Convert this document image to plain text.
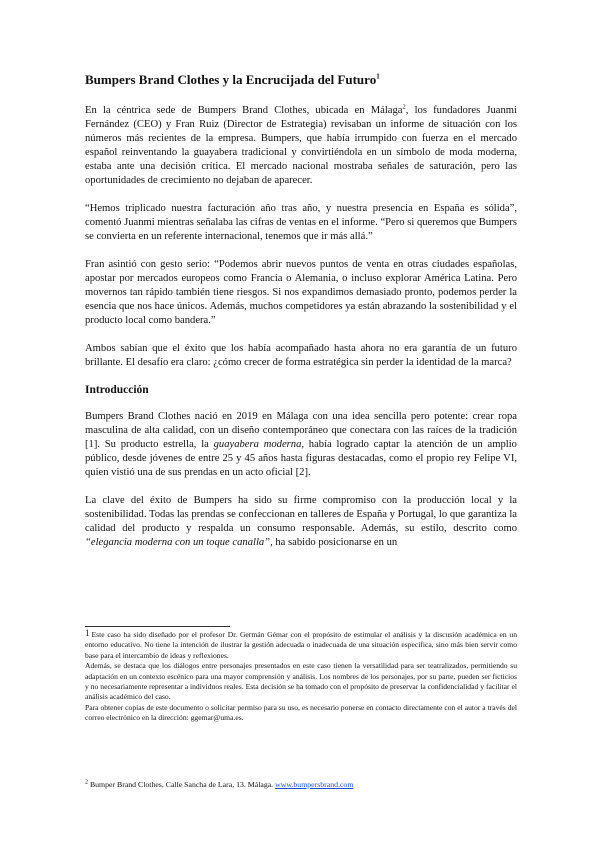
Bumpers Brand Clothes y la Encrucijada del Futuro$^1$

En la céntrica sede de Bumpers Brand Clothes, ubicada en Málaga$^2$, los fundadores Juanmi Fernández (CEO) y Fran Ruiz (Director de Estrategia) revisaban un informe de situación con los números más recientes de la empresa. Bumpers, que había irrumpido con fuerza en el mercado español reinventando la guayabera tradicional y convirtiéndola en un símbolo de moda moderna, estaba ante una decisión crítica. El mercado nacional mostraba señales de saturación, pero las oportunidades de crecimiento no dejaban de aparecer.

“Hemos triplicado nuestra facturación año tras año, y nuestra presencia en España es sólida”, comentó Juanmi mientras señalaba las cifras de ventas en el informe. “Pero si queremos que Bumpers se convierta en un referente internacional, tenemos que ir más allá.”

Fran asintió con gesto serio: “Podemos abrir nuevos puntos de venta en otras ciudades españolas, apostar por mercados europeos como Francia o Alemania, o incluso explorar América Latina. Pero movernos tan rápido también tiene riesgos. Si nos expandimos demasiado pronto, podemos perder la esencia que nos hace únicos. Además, muchos competidores ya están abrazando la sostenibilidad y el producto local como bandera.”

Ambos sabían que el éxito que los había acompañado hasta ahora no era garantía de un futuro brillante. El desafío era claro: ¿cómo crecer de forma estratégica sin perder la identidad de la marca?

Introducción

Bumpers Brand Clothes nació en 2019 en Málaga con una idea sencilla pero potente: crear ropa masculina de alta calidad, con un diseño contemporáneo que conectara con las raíces de la tradición [1]. Su producto estrella, la guayabera moderna, había logrado captar la atención de un amplio público, desde jóvenes de entre 25 y 45 años hasta figuras destacadas, como el propio rey Felipe VI, quien vistió una de sus prendas en un acto oficial [2].

La clave del éxito de Bumpers ha sido su firme compromiso con la producción local y la sostenibilidad. Todas las prendas se confeccionan en talleres de España y Portugal, lo que garantiza la calidad del producto y respalda un consumo responsable. Además, su estilo, descrito como “elegancia moderna con un toque canalla”, ha sabido posicionarse en un

$^1$ Este caso ha sido diseñado por el profesor Dr. Germán Gémar con el propósito de estimular el análisis y la discusión académica en un entorno educativo. No tiene la intención de ilustrar la gestión adecuada o inadecuada de una situación específica, sino más bien servir como base para el intercambio de ideas y reflexiones.

Además, se destaca que los diálogos entre personajes presentados en este caso tienen la versatilidad para ser teatralizados, permitiendo su adaptación en un contexto escénico para una mayor comprensión y análisis. Los nombres de los personajes, por su parte, pueden ser ficticios y no necesariamente representar a individuos reales. Esta decisión se ha tomado con el propósito de preservar la confidencialidad y facilitar el análisis académico del caso.

Para obtener copias de este documento o solicitar permiso para su uso, es necesario ponerse en contacto directamente con el autor a través del correo electrónico en la dirección: ggemar@uma.es.

$^2$ Bumper Brand Clothes, Calle Sancha de Lara, 13. Málaga. www.bumpersbrand.com
